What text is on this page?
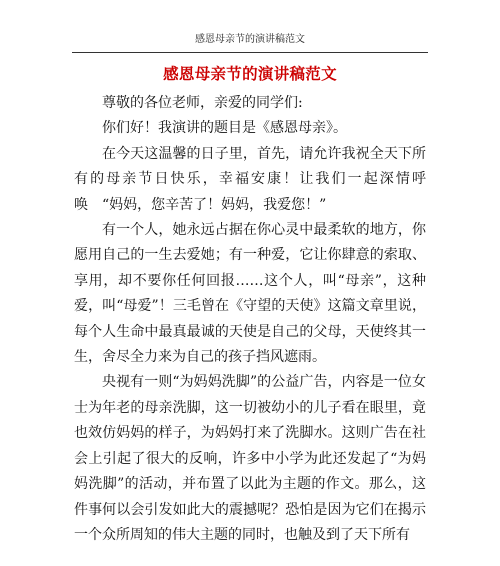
感恩母亲节的演讲稿范文
感恩母亲节的演讲稿范文

尊敬的各位老师，亲爱的同学们:

你们好！我演讲的题目是《感恩母亲》。

在今天这温馨的日子里，首先，请允许我祝全天下所有的母亲节日快乐，幸福安康！让我们一起深情呼唤　“妈妈，您辛苦了！妈妈，我爱您！”

有一个人，她永远占据在你心灵中最柔软的地方，你愿用自己的一生去爱她；有一种爱，它让你肆意的索取、享用，却不要你任何回报……这个人，叫“母亲”，这种爱，叫“母爱”！三毛曾在《守望的天使》这篇文章里说，每个人生命中最真最诚的天使是自己的父母，天使终其一生，舍尽全力来为自己的孩子挡风遮雨。

央视有一则“为妈妈洗脚”的公益广告，内容是一位女士为年老的母亲洗脚，这一切被幼小的儿子看在眼里，竟也效仿妈妈的样子，为妈妈打来了洗脚水。这则广告在社会上引起了很大的反响，许多中小学为此还发起了“为妈妈洗脚”的活动，并布置了以此为主题的作文。那么，这件事何以会引发如此大的震撼呢？恐怕是因为它们在揭示一个众所周知的伟大主题的同时，也触及到了天下所有
